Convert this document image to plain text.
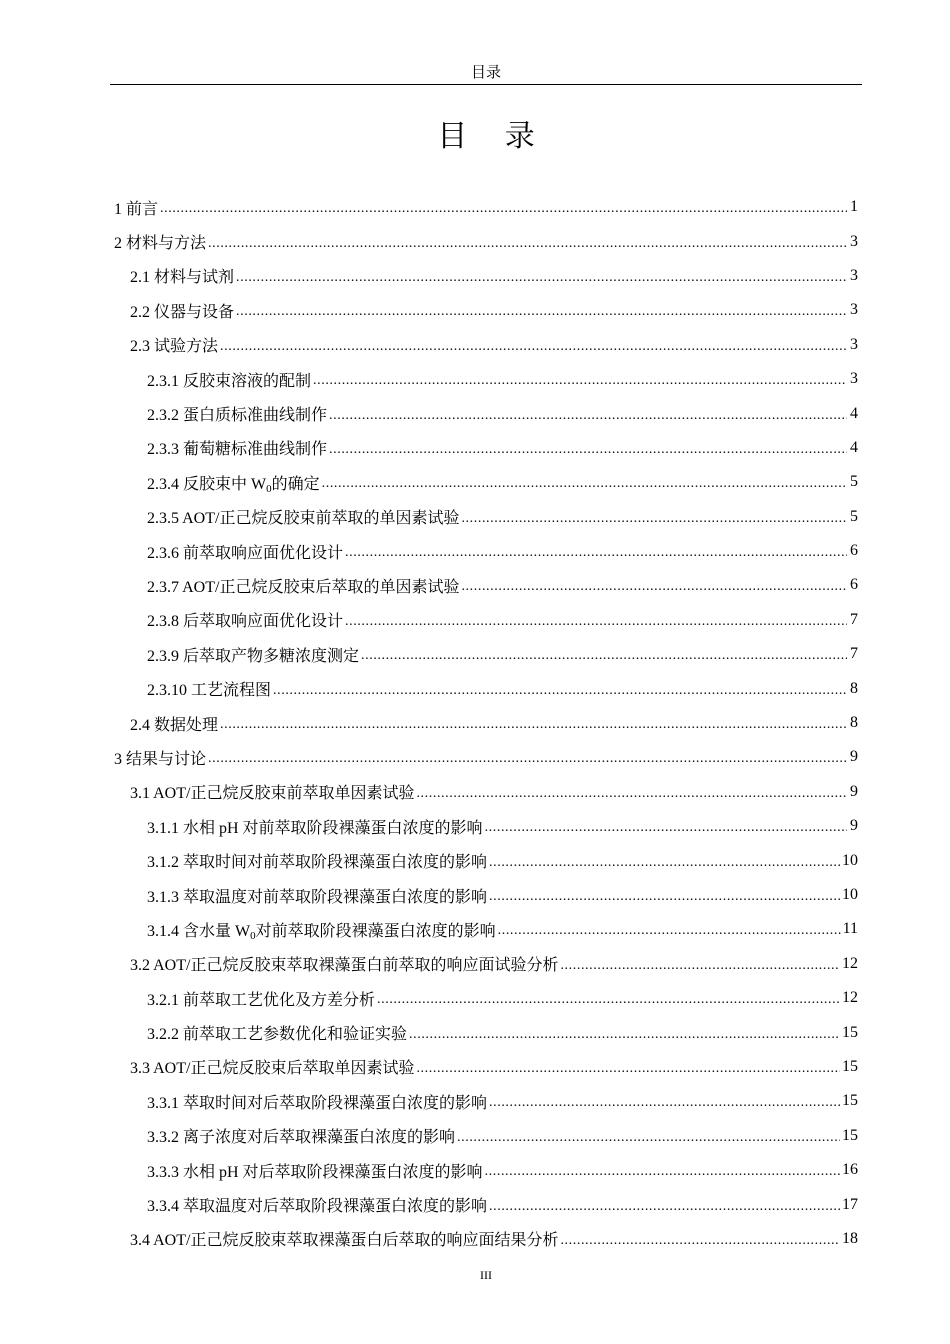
目录
目 录
1 前言 .....	1
2 材料与方法 .....	3
2.1 材料与试剂 .....	3
2.2 仪器与设备 .....	3
2.3 试验方法 .....	3
2.3.1 反胶束溶液的配制 .....	3
2.3.2 蛋白质标准曲线制作 .....	4
2.3.3 葡萄糖标准曲线制作 .....	4
2.3.4 反胶束中 $W_0$的确定 .....	5
2.3.5 AOT/正己烷反胶束前萃取的单因素试验 .....	5
2.3.6 前萃取响应面优化设计 .....	6
2.3.7 AOT/正己烷反胶束后萃取的单因素试验 .....	6
2.3.8 后萃取响应面优化设计 .....	7
2.3.9 后萃取产物多糖浓度测定 .....	7
2.3.10 工艺流程图 .....	8
2.4 数据处理 .....	8
3 结果与讨论 .....	9
3.1 AOT/正己烷反胶束前萃取单因素试验 .....	9
3.1.1 水相 pH 对前萃取阶段裸藻蛋白浓度的影响 .....	9
3.1.2 萃取时间对前萃取阶段裸藻蛋白浓度的影响 .....	10
3.1.3 萃取温度对前萃取阶段裸藻蛋白浓度的影响 .....	10
3.1.4 含水量 $W_0$对前萃取阶段裸藻蛋白浓度的影响 .....	11
3.2 AOT/正己烷反胶束萃取裸藻蛋白前萃取的响应面试验分析 .....	12
3.2.1 前萃取工艺优化及方差分析 .....	12
3.2.2 前萃取工艺参数优化和验证实验 .....	15
3.3 AOT/正己烷反胶束后萃取单因素试验 .....	15
3.3.1 萃取时间对后萃取阶段裸藻蛋白浓度的影响 .....	15
3.3.2 离子浓度对后萃取裸藻蛋白浓度的影响 .....	15
3.3.3 水相 pH 对后萃取阶段裸藻蛋白浓度的影响 .....	16
3.3.4 萃取温度对后萃取阶段裸藻蛋白浓度的影响 .....	17
3.4 AOT/正己烷反胶束萃取裸藻蛋白后萃取的响应面结果分析 .....	18
III
